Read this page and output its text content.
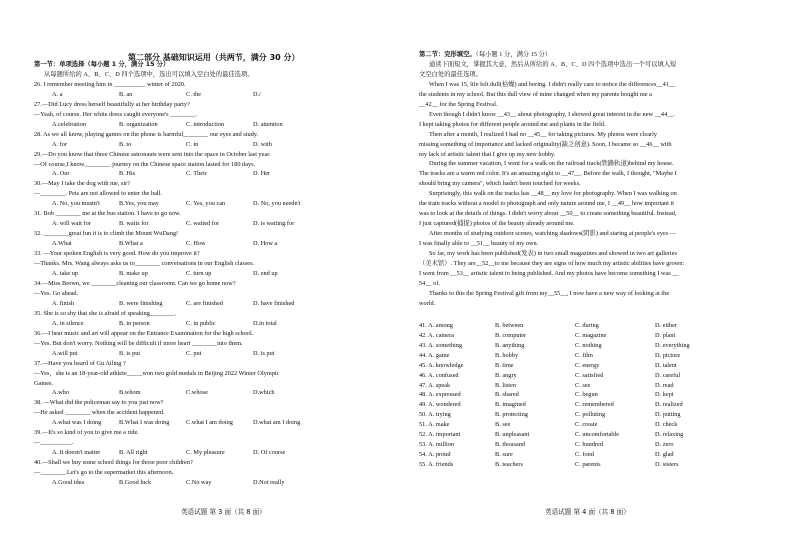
第二部分 基础知识运用（共两节，满分 30 分）
第一节：单项选择（每小题 1 分，满分 15 分）
从每题所给的 A、B、C、D 四个选项中，选出可以填入空白处的最佳选项。
26. I remember meeting him in __________ winter of 2020.
A. a	B. an	C. the	D./
27.—Did Lucy dress herself beautifully at her birthday party?
—Yeah, of course. Her white dress caught everyone's ________.
A.celebration	B. organization	C. introduction	D. attention
28. As we all know, playing games on the phone is harmful________ our eyes and study.
A. for	B. to	C. in	D. with
29.—Do you know that three Chinese astronauts were sent into the space in October last year.
—Of course,I know.________ journey on the Chinese space station lasted for 180 days.
A. Our	B. His	C. Their	D. Her
30.—May I take the dog with me, sir?
—________. Pets are not allowed to enter the hall.
A. No, you mustn't	B.Yes, you may	C. Yes, you can	D. No, you needn't
31. Bob ________ me at the bus station. I have to go now.
A. will wait for	B. waits for	C. waited for	D. is waiting for
32. ________great fun it is to climb the Mount WuDang!
A.What	B.What a	C. How	D. How a
33. —Your spoken English is very good. How do you improve it?
—Thanks. Mrs. Wang always asks us to________ conversations in our English classes.
A. take up	B. make up	C. turn up	D. end up
34.—Miss Brown, we ________cleaning our classroom. Can we go home now?
—Yes. Go ahead.
A. finish	B. were finishing	C. are finished	D. have finished
35. She is so shy that she is afraid of speaking________.
A. in silence	B. in person	C. in public	D.in total
36.—I hear music and art will appear on the Entrance Examination for the high school.
—Yes. But don't worry. Nothing will be difficult if more heart ________into them.
A.will put	B. is put	C. put	D. is put
37.—Have you heard of Gu Ailing ?
—Yes，she is an 18-year-old athlete_____won two gold medals in Beijing 2022 Winter Olympic
Games.
A.who	B.whom	C.whose	D.which
38. —What did the policeman say to you just now?
—He asked ________ when the accident happened.
A.what was I doing	B.What I was doing	C.what I am doing	D.what am I doing
39.—It's so kind of you to give me a ride.
—__________.
A. It doesn't matter	B. All right	C. My pleasure	D. Of course
40.—Shall we buy some school things for those poor children?
—________.Let's go to the supermarket this afternoon.
A.Good idea	B.Good luck	C.No way	D.Not really
英语试题 第 3 面（共 8 面）
第二节：完形填空。（每小题 1 分，满分 15 分）
通读下面短文，掌握其大意，然后从所给的 A、B、C、D 四个选项中选出一个可以填入短
文空白处的最佳选项。
When I was 15, life felt dull(枯燥) and boring. I didn't really care to notice the differences__41__
the students in my school. But this dull view of mine changed when my parents bought me a
__42__ for the Spring Festival.
Even though I didn't know __43__ about photography, I showed great interest in the new __44__.
I kept taking photos for different people around me and plants in the field.
Then after a month, I realized I had no __45__ for taking pictures. My photos were clearly
missing something of importance and lacked originality(缺乏创意). Soon, I became so __46__ with
my lack of artistic talent that I give up my new hobby.
During the summer vacation, I went for a walk on the railroad track(铁路轨道)behind my house.
The tracks are a warm red color. It's an amazing sight to __47__. Before the walk, I thought, "Maybe I
should bring my camera", which hadn't been touched for weeks.
Surprisingly, this walk on the tracks has __48__ my love for photography. When I was walking on
the train tracks without a model to photograph and only nature around me, I __49__ how important it
was to look at the details of things. I didn't worry about __50__ to create something beautiful. Instead,
I just captured(捕捉) photos of the beauty already around me.
After months of studying outdoor scenes, watching shadows(阴影) and staring at people's eyes —
I was finally able to __51__ beauty of my own.
So far, my work has been published(发表) in two small magazines and showed in two art galleries
（美术馆）. They are__52__to me because they are signs of how much my artistic abilities have grown:
I went from __53__ artistic talent to being published. And my photos have become something I was __
54__ of.
Thanks to this the Spring Festival gift from my__55__, I now have a new way of looking at the
world.
41. A. among	B. between	C. during	D. either
42. A. camera	B. computer	C. magazine	D. plant
43. A. something	B. anything	C. nothing	D. everything
44. A. game	B. hobby	C. film	D. picture
45. A. knowledge	B. time	C. energy	D. talent
46. A. confused	B. angry	C. satisfied	D. careful
47. A. speak	B. listen	C. see	D. read
48. A. expressed	B. shared	C. begun	D. kept
49. A. wondered	B. imagined	C. remembered	D. realized
50. A. trying	B. protecting	C. polluting	D. putting
51. A. make	B. see	C. create	D. check
52. A. important	B. unpleasant	C. uncomfortable	D. relaxing
53. A. million	B. thousand	C. hundred	D. zero
54. A. proud	B. sure	C. fond	D. glad
55. A. friends	B. teachers	C. parents	D. sisters
英语试题 第 4 面（共 8 面）
